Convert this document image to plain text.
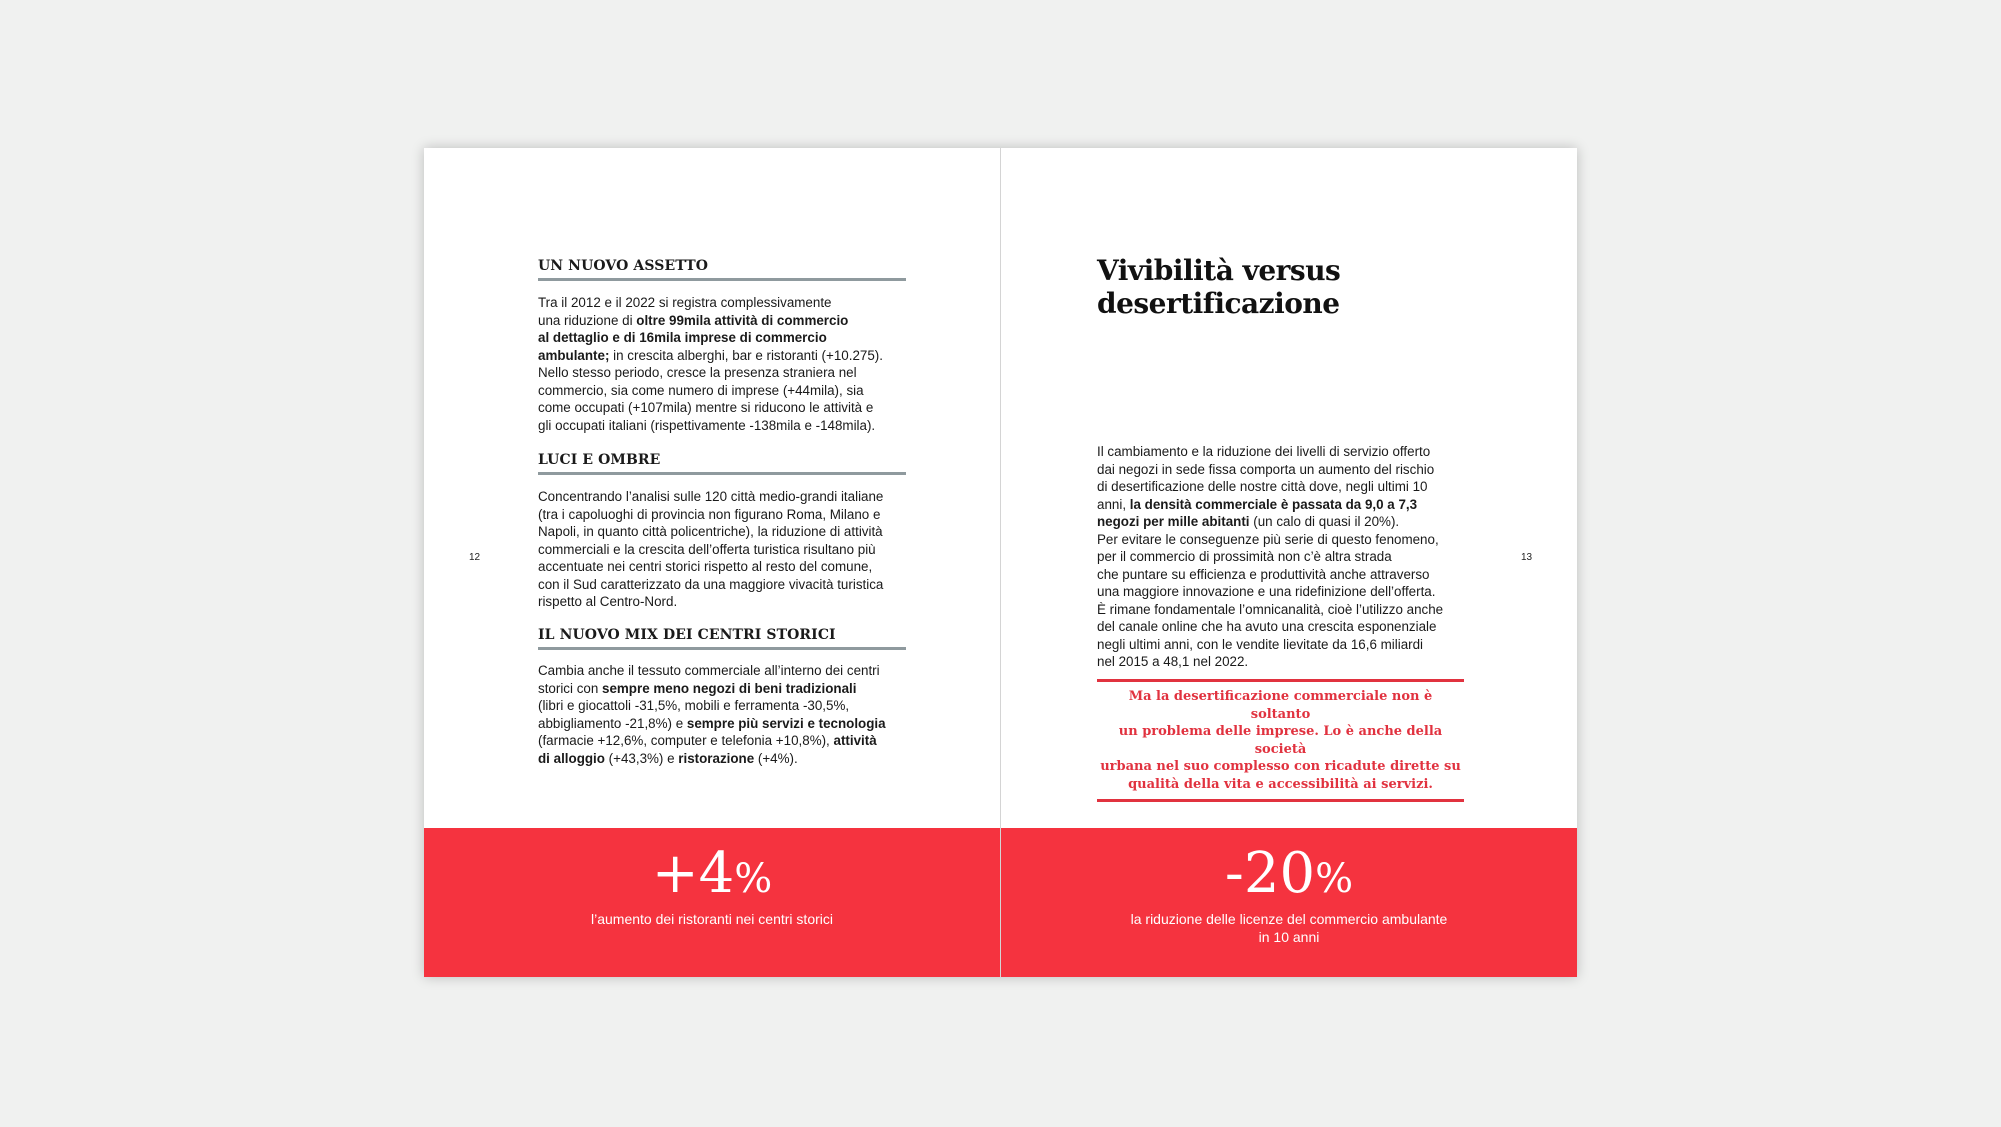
UN NUOVO ASSETTO
Tra il 2012 e il 2022 si registra complessivamente
una riduzione di oltre 99mila attività di commercio
al dettaglio e di 16mila imprese di commercio
ambulante; in crescita alberghi, bar e ristoranti (+10.275).
Nello stesso periodo, cresce la presenza straniera nel
commercio, sia come numero di imprese (+44mila), sia
come occupati (+107mila) mentre si riducono le attività e
gli occupati italiani (rispettivamente -138mila e -148mila).
LUCI E OMBRE
Concentrando l’analisi sulle 120 città medio-grandi italiane
(tra i capoluoghi di provincia non figurano Roma, Milano e
Napoli, in quanto città policentriche), la riduzione di attività
commerciali e la crescita dell’offerta turistica risultano più
accentuate nei centri storici rispetto al resto del comune,
con il Sud caratterizzato da una maggiore vivacità turistica
rispetto al Centro-Nord.
IL NUOVO MIX DEI CENTRI STORICI
Cambia anche il tessuto commerciale all’interno dei centri
storici con sempre meno negozi di beni tradizionali
(libri e giocattoli -31,5%, mobili e ferramenta -30,5%,
abbigliamento -21,8%) e sempre più servizi e tecnologia
(farmacie +12,6%, computer e telefonia +10,8%), attività
di alloggio (+43,3%) e ristorazione (+4%).
12
+4%
l’aumento dei ristoranti nei centri storici
Vivibilità versus
desertificazione
Il cambiamento e la riduzione dei livelli di servizio offerto
dai negozi in sede fissa comporta un aumento del rischio
di desertificazione delle nostre città dove, negli ultimi 10
anni, la densità commerciale è passata da 9,0 a 7,3
negozi per mille abitanti (un calo di quasi il 20%).
Per evitare le conseguenze più serie di questo fenomeno,
per il commercio di prossimità non c’è altra strada
che puntare su efficienza e produttività anche attraverso
una maggiore innovazione e una ridefinizione dell’offerta.
È rimane fondamentale l’omnicanalità, cioè l’utilizzo anche
del canale online che ha avuto una crescita esponenziale
negli ultimi anni, con le vendite lievitate da 16,6 miliardi
nel 2015 a 48,1 nel 2022.
Ma la desertificazione commerciale non è soltanto
un problema delle imprese. Lo è anche della società
urbana nel suo complesso con ricadute dirette su
qualità della vita e accessibilità ai servizi.
13
-20%
la riduzione delle licenze del commercio ambulante
in 10 anni
